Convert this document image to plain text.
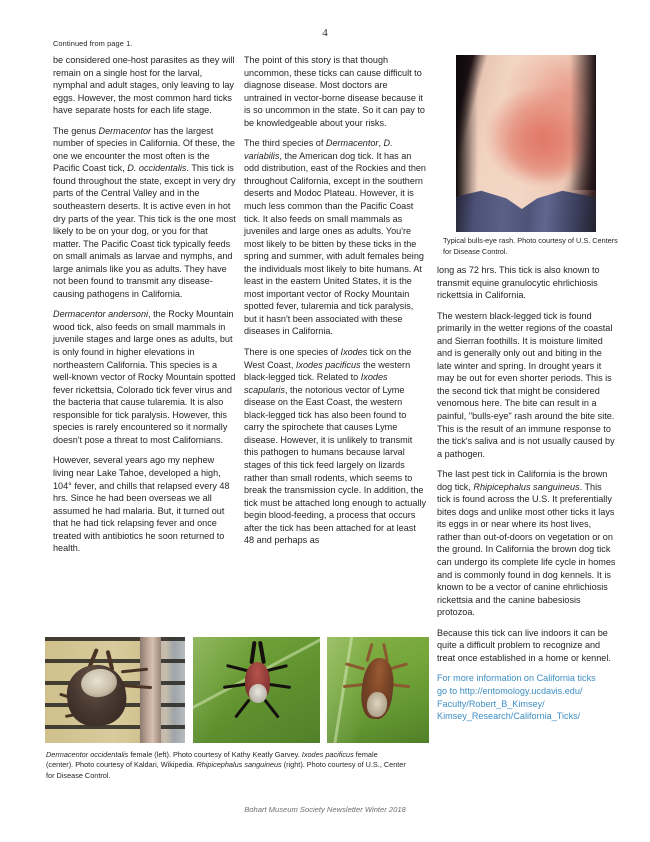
4
Continued from page 1.

be considered one-host parasites as they will remain on a single host for the larval, nymphal and adult stages, only leaving to lay eggs. However, the most common hard ticks have separate hosts for each life stage.

The genus Dermacentor has the largest number of species in California. Of these, the one we encounter the most often is the Pacific Coast tick, D. occidentalis. This tick is found throughout the state, except in very dry parts of the Central Valley and in the southeastern deserts. It is active even in hot dry parts of the year. This tick is the one most likely to be on your dog, or you for that matter. The Pacific Coast tick typically feeds on small animals as larvae and nymphs, and large animals like you as adults. They have not been found to transmit any disease-causing pathogens in California.

Dermacentor andersoni, the Rocky Mountain wood tick, also feeds on small mammals in juvenile stages and large ones as adults, but is only found in higher elevations in northeastern California. This species is a well-known vector of Rocky Mountain spotted fever rickettsia, Colorado tick fever virus and the bacteria that cause tularemia. It is also responsible for tick paralysis. However, this species is rarely encountered so it normally doesn't pose a threat to most Californians.

However, several years ago my nephew living near Lake Tahoe, developed a high, 104° fever, and chills that relapsed every 48 hrs. Since he had been overseas we all assumed he had malaria. But, it turned out that he had tick relapsing fever and once treated with antibiotics he soon returned to health.

The point of this story is that though uncommon, these ticks can cause difficult to diagnose disease. Most doctors are untrained in vector-borne disease because it is so uncommon in the state. So it can pay to be knowledgeable about your risks.

The third species of Dermacentor, D. variabilis, the American dog tick. It has an odd distribution, east of the Rockies and then throughout California, except in the southern deserts and Modoc Plateau. However, it is much less common than the Pacific Coast tick. It also feeds on small mammals as juveniles and large ones as adults. You're most likely to be bitten by these ticks in the spring and summer, with adult females being the individuals most likely to bite humans. At least in the eastern United States, it is the most important vector of Rocky Mountain spotted fever, tularemia and tick paralysis, but it hasn't been associated with these diseases in California.

There is one species of Ixodes tick on the West Coast, Ixodes pacificus the western black-legged tick. Related to Ixodes scapularis, the notorious vector of Lyme disease on the East Coast, the western black-legged tick has also been found to carry the spirochete that causes Lyme disease. However, it is unlikely to transmit this pathogen to humans because larval stages of this tick feed largely on lizards rather than small rodents, which seems to break the transmission cycle. In addition, the tick must be attached long enough to actually begin blood-feeding, a process that occurs after the tick has been attached for at least 48 and perhaps as

Typical bulls-eye rash. Photo courtesy of U.S. Centers for Disease Control.

long as 72 hrs. This tick is also known to transmit equine granulocytic ehrlichiosis rickettsia in California.

The western black-legged tick is found primarily in the wetter regions of the coastal and Sierran foothills. It is moisture limited and is generally only out and biting in the late winter and spring. In drought years it may be out for even shorter periods. This is the second tick that might be considered venomous here. The bite can result in a painful, "bulls-eye" rash around the bite site. This is the result of an immune response to the tick's saliva and is not usually caused by a pathogen.

The last pest tick in California is the brown dog tick, Rhipicephalus sanguineus. This tick is found across the U.S. It preferentially bites dogs and unlike most other ticks it lays its eggs in or near where its host lives, rather than out-of-doors on vegetation or on the ground. In California the brown dog tick can undergo its complete life cycle in homes and is commonly found in dog kennels. It is known to be a vector of canine ehrlichiosis rickettsia and the canine babesiosis protozoa.

Because this tick can live indoors it can be quite a difficult problem to recognize and treat once established in a home or kennel.

For more information on California ticks

go to http://entomology.ucdavis.edu/

Faculty/Robert_B_Kimsey/

Kimsey_Research/California_Ticks/

Dermacentor occidentalis female (left). Photo courtesy of Kathy Keatly Garvey. Ixodes pacificus female (center). Photo courtesy of Kaldari, Wikipedia. Rhipicephalus sanguineus (right). Photo courtesy of U.S., Center for Disease Control.
Bohart Museum Society Newsletter Winter 2018
